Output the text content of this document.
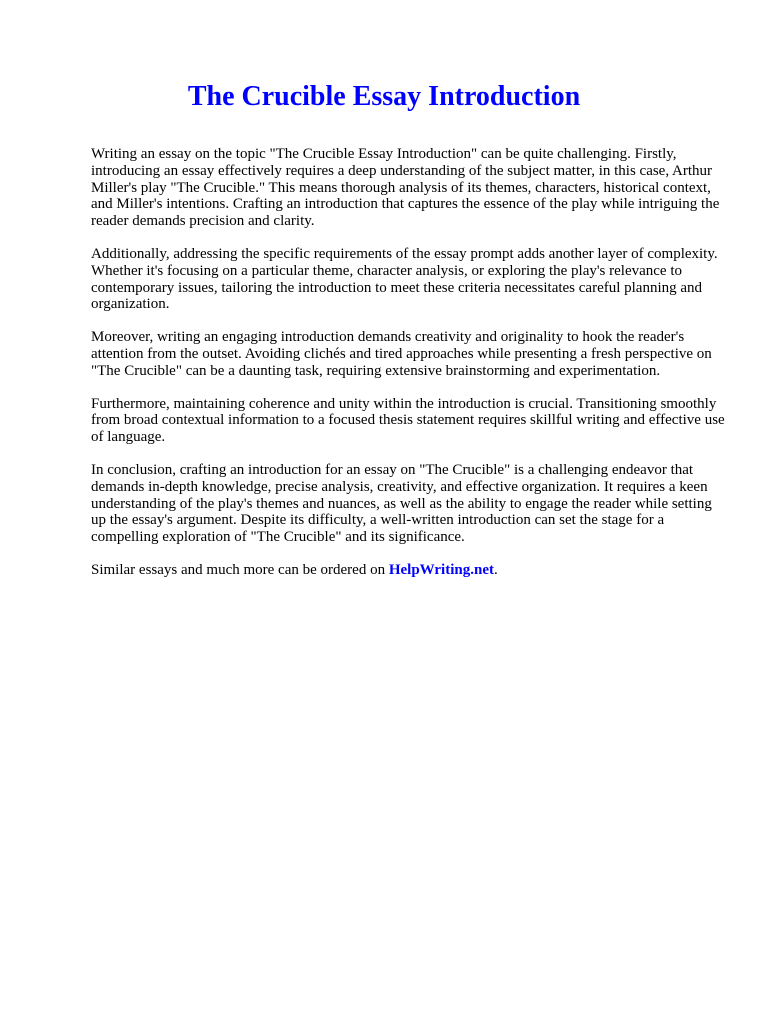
The Crucible Essay Introduction

Writing an essay on the topic "The Crucible Essay Introduction" can be quite challenging. Firstly, introducing an essay effectively requires a deep understanding of the subject matter, in this case, Arthur Miller's play "The Crucible." This means thorough analysis of its themes, characters, historical context, and Miller's intentions. Crafting an introduction that captures the essence of the play while intriguing the reader demands precision and clarity.

Additionally, addressing the specific requirements of the essay prompt adds another layer of complexity. Whether it's focusing on a particular theme, character analysis, or exploring the play's relevance to contemporary issues, tailoring the introduction to meet these criteria necessitates careful planning and organization.

Moreover, writing an engaging introduction demands creativity and originality to hook the reader's attention from the outset. Avoiding clichés and tired approaches while presenting a fresh perspective on "The Crucible" can be a daunting task, requiring extensive brainstorming and experimentation.

Furthermore, maintaining coherence and unity within the introduction is crucial. Transitioning smoothly from broad contextual information to a focused thesis statement requires skillful writing and effective use of language.

In conclusion, crafting an introduction for an essay on "The Crucible" is a challenging endeavor that demands in-depth knowledge, precise analysis, creativity, and effective organization. It requires a keen understanding of the play's themes and nuances, as well as the ability to engage the reader while setting up the essay's argument. Despite its difficulty, a well-written introduction can set the stage for a compelling exploration of "The Crucible" and its significance.

Similar essays and much more can be ordered on HelpWriting.net.
